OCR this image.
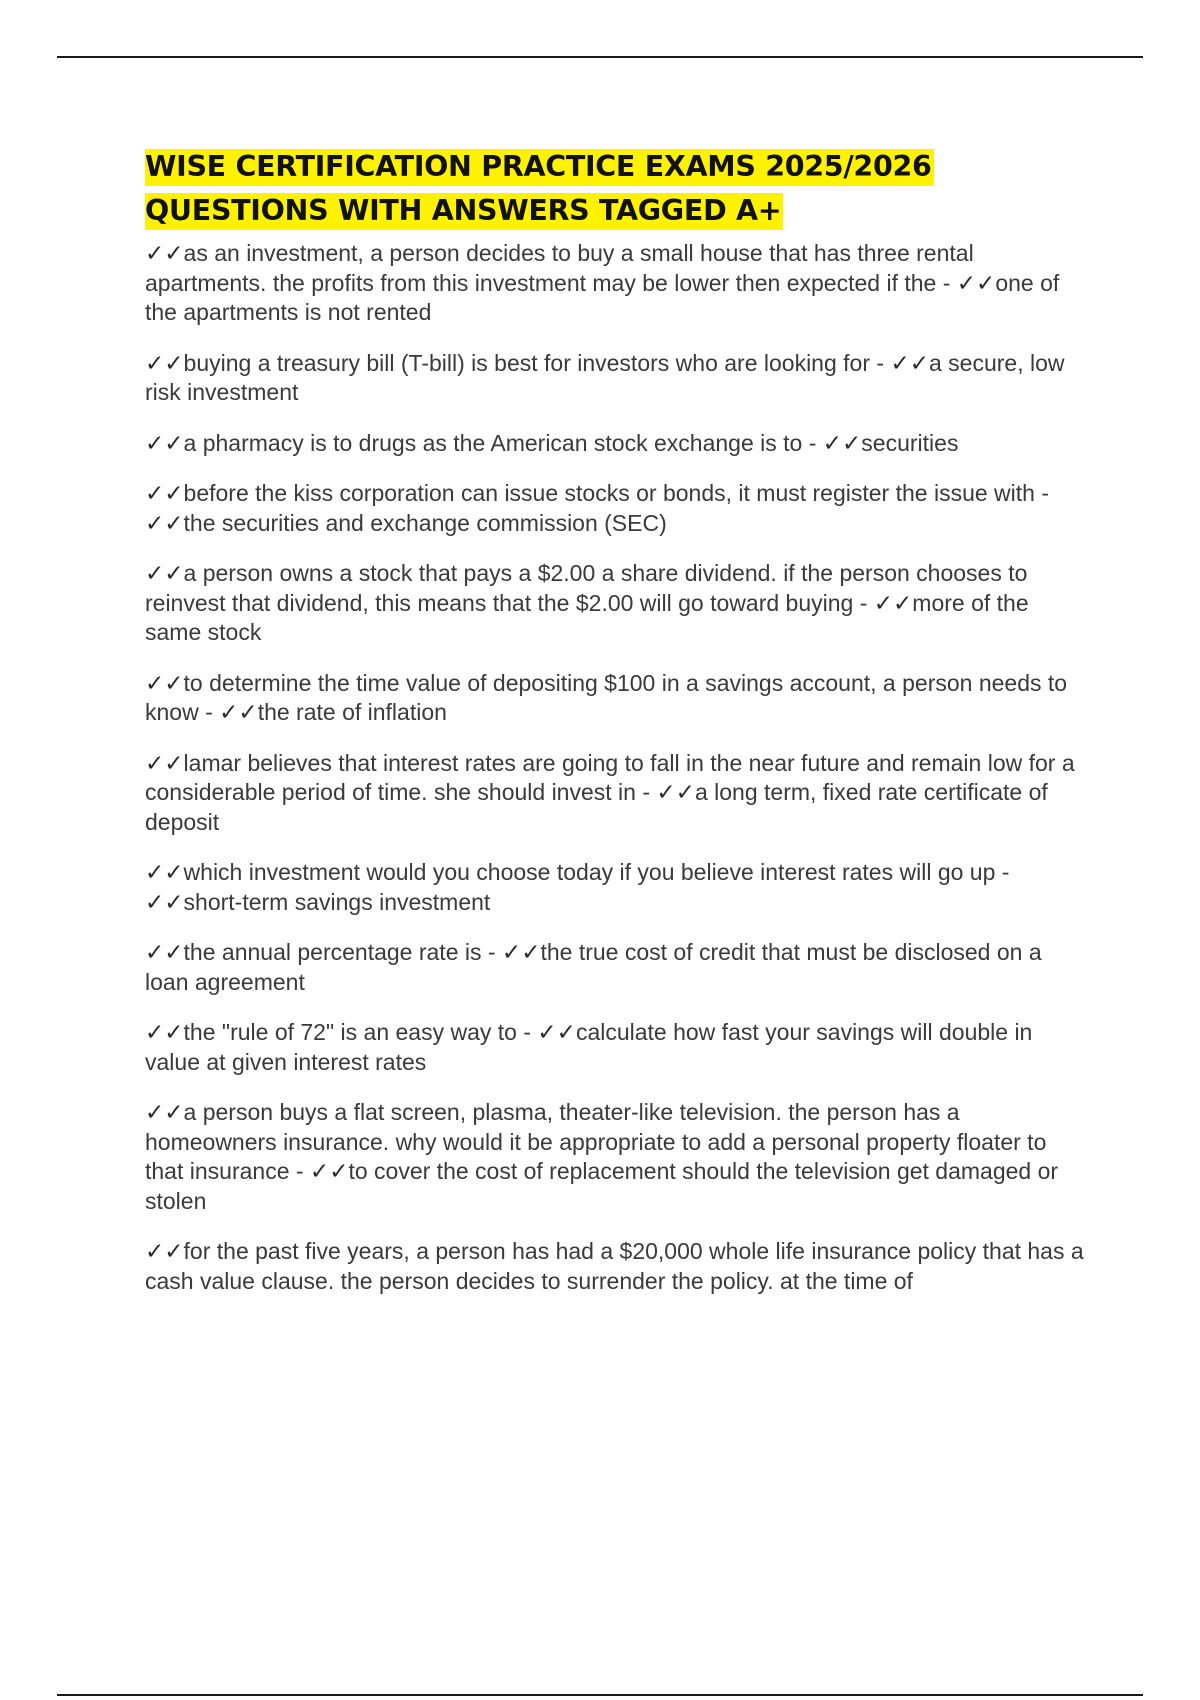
WISE CERTIFICATION PRACTICE EXAMS 2025/2026
QUESTIONS WITH ANSWERS TAGGED A+

✓✓as an investment, a person decides to buy a small house that has three rental apartments. the profits from this investment may be lower then expected if the - ✓✓one of the apartments is not rented

✓✓buying a treasury bill (T-bill) is best for investors who are looking for - ✓✓a secure, low risk investment

✓✓a pharmacy is to drugs as the American stock exchange is to - ✓✓securities

✓✓before the kiss corporation can issue stocks or bonds, it must register the issue with - ✓✓the securities and exchange commission (SEC)

✓✓a person owns a stock that pays a $2.00 a share dividend. if the person chooses to reinvest that dividend, this means that the $2.00 will go toward buying - ✓✓more of the same stock

✓✓to determine the time value of depositing $100 in a savings account, a person needs to know - ✓✓the rate of inflation

✓✓lamar believes that interest rates are going to fall in the near future and remain low for a considerable period of time. she should invest in - ✓✓a long term, fixed rate certificate of deposit

✓✓which investment would you choose today if you believe interest rates will go up - ✓✓short-term savings investment

✓✓the annual percentage rate is - ✓✓the true cost of credit that must be disclosed on a loan agreement

✓✓the "rule of 72" is an easy way to - ✓✓calculate how fast your savings will double in value at given interest rates

✓✓a person buys a flat screen, plasma, theater-like television. the person has a homeowners insurance. why would it be appropriate to add a personal property floater to that insurance - ✓✓to cover the cost of replacement should the television get damaged or stolen

✓✓for the past five years, a person has had a $20,000 whole life insurance policy that has a cash value clause. the person decides to surrender the policy. at the time of
